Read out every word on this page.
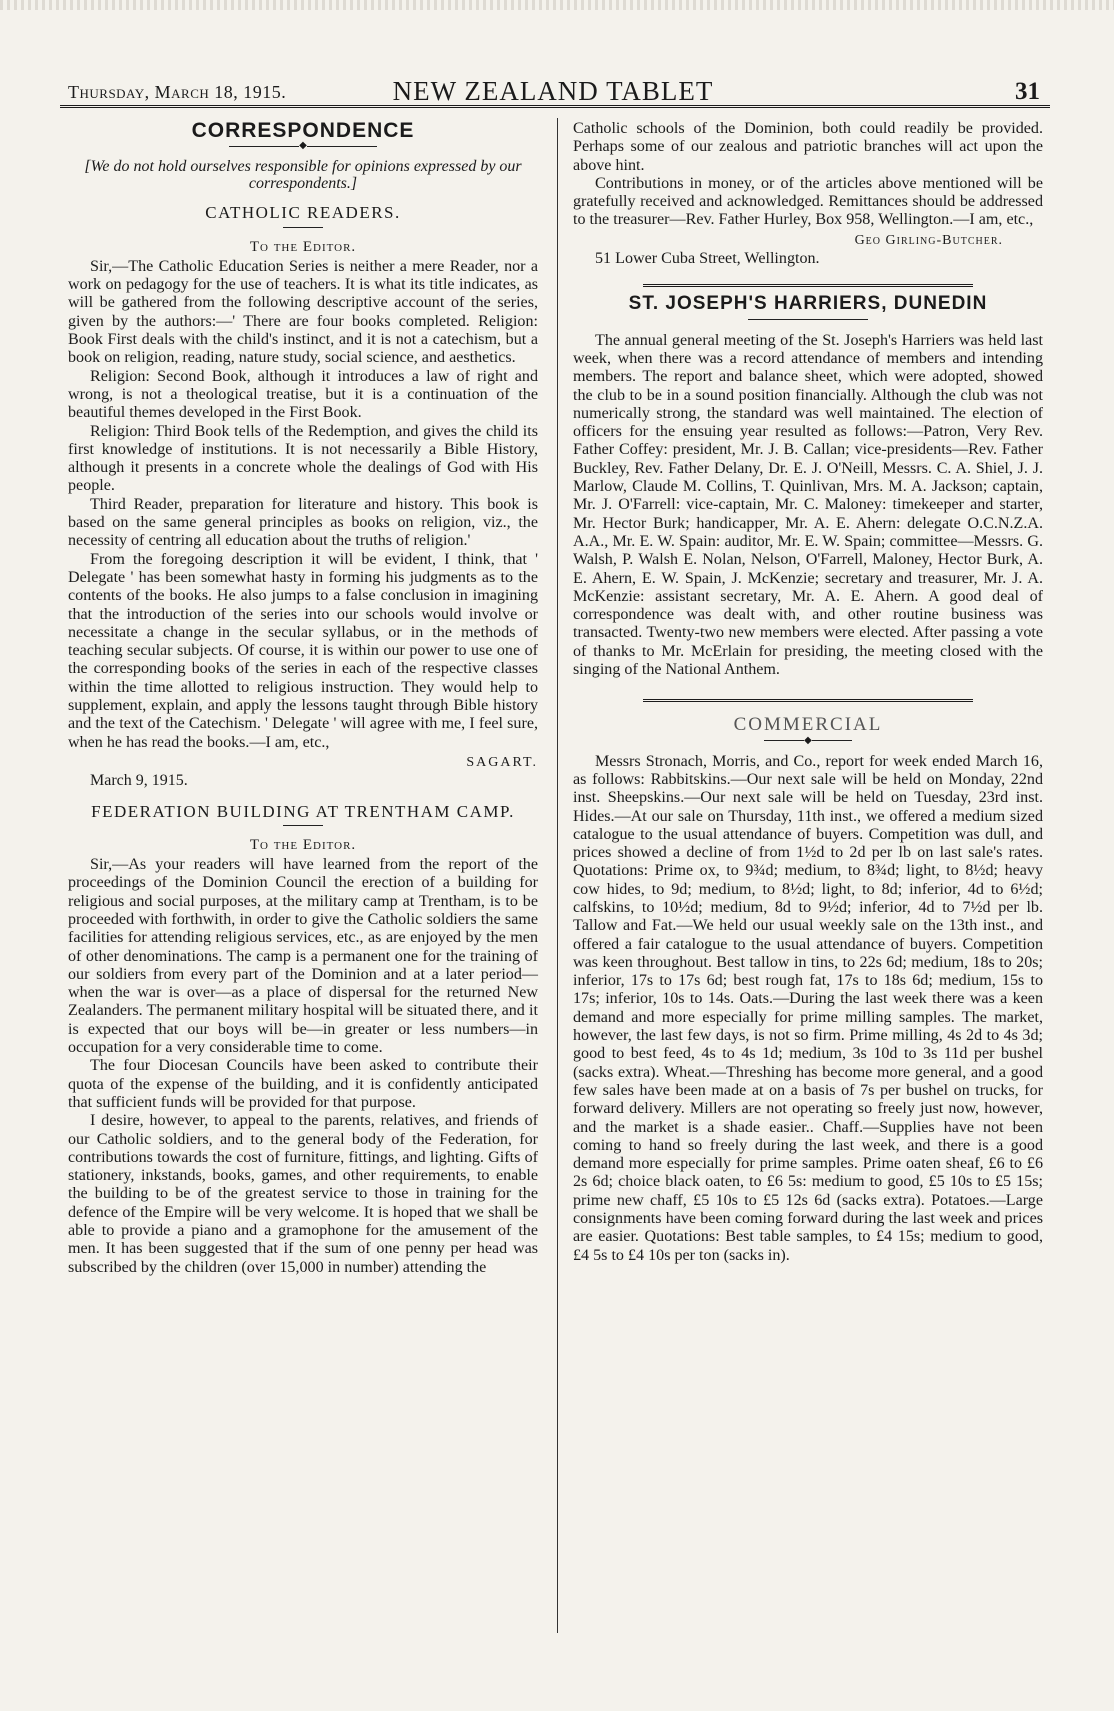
Thursday, March 18, 1915.	NEW ZEALAND TABLET	31
CORRESPONDENCE
◆
[We do not hold ourselves responsible for opinions expressed by our correspondents.]
CATHOLIC READERS.
To the Editor.

Sir,—The Catholic Education Series is neither a mere Reader, nor a work on pedagogy for the use of teachers. It is what its title indicates, as will be gathered from the following descriptive account of the series, given by the authors:—' There are four books completed. Religion: Book First deals with the child's instinct, and it is not a catechism, but a book on religion, reading, nature study, social science, and aesthetics.

Religion: Second Book, although it introduces a law of right and wrong, is not a theological treatise, but it is a continuation of the beautiful themes developed in the First Book.

Religion: Third Book tells of the Redemption, and gives the child its first knowledge of institutions. It is not necessarily a Bible History, although it presents in a concrete whole the dealings of God with His people.

Third Reader, preparation for literature and history. This book is based on the same general principles as books on religion, viz., the necessity of centring all education about the truths of religion.'

From the foregoing description it will be evident, I think, that ' Delegate ' has been somewhat hasty in forming his judgments as to the contents of the books. He also jumps to a false conclusion in imagining that the introduction of the series into our schools would involve or necessitate a change in the secular syllabus, or in the methods of teaching secular subjects. Of course, it is within our power to use one of the corresponding books of the series in each of the respective classes within the time allotted to religious instruction. They would help to supplement, explain, and apply the lessons taught through Bible history and the text of the Catechism. ' Delegate ' will agree with me, I feel sure, when he has read the books.—I am, etc.,

SAGART.
March 9, 1915.
FEDERATION BUILDING AT TRENTHAM CAMP.
To the Editor.

Sir,—As your readers will have learned from the report of the proceedings of the Dominion Council the erection of a building for religious and social purposes, at the military camp at Trentham, is to be proceeded with forthwith, in order to give the Catholic soldiers the same facilities for attending religious services, etc., as are enjoyed by the men of other denominations. The camp is a permanent one for the training of our soldiers from every part of the Dominion and at a later period—when the war is over—as a place of dispersal for the returned New Zealanders. The permanent military hospital will be situated there, and it is expected that our boys will be—in greater or less numbers—in occupation for a very considerable time to come.

The four Diocesan Councils have been asked to contribute their quota of the expense of the building, and it is confidently anticipated that sufficient funds will be provided for that purpose.

I desire, however, to appeal to the parents, relatives, and friends of our Catholic soldiers, and to the general body of the Federation, for contributions towards the cost of furniture, fittings, and lighting. Gifts of stationery, inkstands, books, games, and other requirements, to enable the building to be of the greatest service to those in training for the defence of the Empire will be very welcome. It is hoped that we shall be able to provide a piano and a gramophone for the amusement of the men. It has been suggested that if the sum of one penny per head was subscribed by the children (over 15,000 in number) attending the

Catholic schools of the Dominion, both could readily be provided. Perhaps some of our zealous and patriotic branches will act upon the above hint.

Contributions in money, or of the articles above mentioned will be gratefully received and acknowledged. Remittances should be addressed to the treasurer—Rev. Father Hurley, Box 958, Wellington.—I am, etc.,

Geo Girling-Butcher.
51 Lower Cuba Street, Wellington.
ST. JOSEPH'S HARRIERS, DUNEDIN

The annual general meeting of the St. Joseph's Harriers was held last week, when there was a record attendance of members and intending members. The report and balance sheet, which were adopted, showed the club to be in a sound position financially. Although the club was not numerically strong, the standard was well maintained. The election of officers for the ensuing year resulted as follows:—Patron, Very Rev. Father Coffey: president, Mr. J. B. Callan; vice-presidents—Rev. Father Buckley, Rev. Father Delany, Dr. E. J. O'Neill, Messrs. C. A. Shiel, J. J. Marlow, Claude M. Collins, T. Quinlivan, Mrs. M. A. Jackson; captain, Mr. J. O'Farrell: vice-captain, Mr. C. Maloney: timekeeper and starter, Mr. Hector Burk; handicapper, Mr. A. E. Ahern: delegate O.C.N.Z.A. A.A., Mr. E. W. Spain: auditor, Mr. E. W. Spain; committee—Messrs. G. Walsh, P. Walsh E. Nolan, Nelson, O'Farrell, Maloney, Hector Burk, A. E. Ahern, E. W. Spain, J. McKenzie; secretary and treasurer, Mr. J. A. McKenzie: assistant secretary, Mr. A. E. Ahern. A good deal of correspondence was dealt with, and other routine business was transacted. Twenty-two new members were elected. After passing a vote of thanks to Mr. McErlain for presiding, the meeting closed with the singing of the National Anthem.

COMMERCIAL
◆

Messrs Stronach, Morris, and Co., report for week ended March 16, as follows: Rabbitskins.—Our next sale will be held on Monday, 22nd inst. Sheepskins.—Our next sale will be held on Tuesday, 23rd inst. Hides.—At our sale on Thursday, 11th inst., we offered a medium sized catalogue to the usual attendance of buyers. Competition was dull, and prices showed a decline of from 1½d to 2d per lb on last sale's rates. Quotations: Prime ox, to 9¾d; medium, to 8¾d; light, to 8½d; heavy cow hides, to 9d; medium, to 8½d; light, to 8d; inferior, 4d to 6½d; calfskins, to 10½d; medium, 8d to 9½d; inferior, 4d to 7½d per lb. Tallow and Fat.—We held our usual weekly sale on the 13th inst., and offered a fair catalogue to the usual attendance of buyers. Competition was keen throughout. Best tallow in tins, to 22s 6d; medium, 18s to 20s; inferior, 17s to 17s 6d; best rough fat, 17s to 18s 6d; medium, 15s to 17s; inferior, 10s to 14s. Oats.—During the last week there was a keen demand and more especially for prime milling samples. The market, however, the last few days, is not so firm. Prime milling, 4s 2d to 4s 3d; good to best feed, 4s to 4s 1d; medium, 3s 10d to 3s 11d per bushel (sacks extra). Wheat.—Threshing has become more general, and a good few sales have been made at on a basis of 7s per bushel on trucks, for forward delivery. Millers are not operating so freely just now, however, and the market is a shade easier.. Chaff.—Supplies have not been coming to hand so freely during the last week, and there is a good demand more especially for prime samples. Prime oaten sheaf, £6 to £6 2s 6d; choice black oaten, to £6 5s: medium to good, £5 10s to £5 15s; prime new chaff, £5 10s to £5 12s 6d (sacks extra). Potatoes.—Large consignments have been coming forward during the last week and prices are easier. Quotations: Best table samples, to £4 15s; medium to good, £4 5s to £4 10s per ton (sacks in).
